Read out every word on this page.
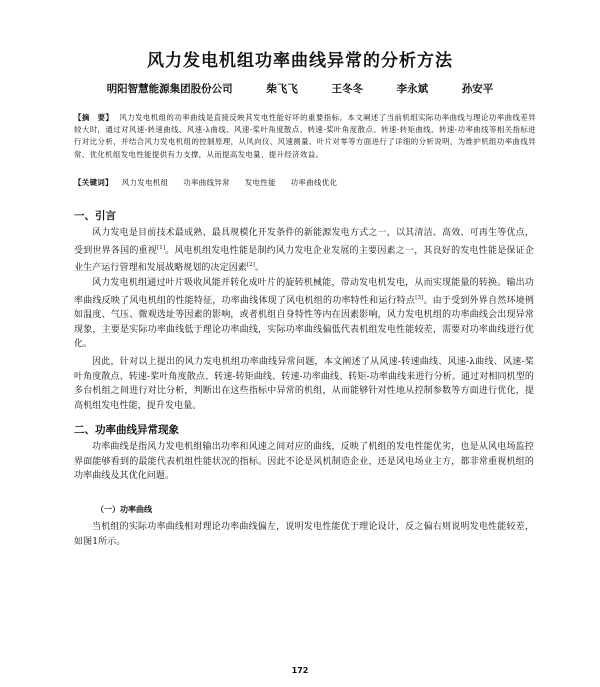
风力发电机组功率曲线异常的分析方法
明阳智慧能源集团股份公司	柴飞飞	王冬冬	李永斌	孙安平
【摘　要】 风力发电机组的功率曲线是直接反映其发电性能好坏的重要指标。本文阐述了当前机组实际功率曲线与理论功率曲线差异较大时，通过对风速-转速曲线、风速-λ曲线、风速-桨叶角度散点、转速-桨叶角度散点、转速-转矩曲线、转速-功率曲线等相关指标进行对比分析，并结合风力发电机组的控制原理，从风向仪、风速测量、叶片对零等方面进行了详细的分析说明，为维护机组功率曲线异常、优化机组发电性能提供有力支撑，从而提高发电量、提升经济效益。
【关键词】 风力发电机组 功率曲线异常 发电性能 功率曲线优化
一、引言
风力发电是目前技术最成熟、最具规模化开发条件的新能源发电方式之一，以其清洁、高效、可再生等优点，受到世界各国的重视[1]。风电机组发电性能是制约风力发电企业发展的主要因素之一，其良好的发电性能是保证企业生产运行管理和发展战略规划的决定因素[2]。
风力发电机组通过叶片吸收风能并转化成叶片的旋转机械能，带动发电机发电，从而实现能量的转换。输出功率曲线反映了风电机组的性能特征，功率曲线体现了风电机组的功率特性和运行特点[3]。由于受到外界自然环境例如温度、气压、微观选址等因素的影响，或者机组自身特性等内在因素影响，风力发电机组的功率曲线会出现异常现象，主要是实际功率曲线低于理论功率曲线，实际功率曲线偏低代表机组发电性能较差，需要对功率曲线进行优化。
因此，针对以上提出的风力发电机组功率曲线异常问题，本文阐述了从风速-转速曲线、风速-λ曲线、风速-桨叶角度散点、转速-桨叶角度散点、转速-转矩曲线、转速-功率曲线、转矩-功率曲线来进行分析。通过对相同机型的多台机组之间进行对比分析，判断出在这些指标中异常的机组，从而能够针对性地从控制参数等方面进行优化，提高机组发电性能，提升发电量。
二、功率曲线异常现象
功率曲线是指风力发电机组输出功率和风速之间对应的曲线，反映了机组的发电性能优劣，也是从风电场监控界面能够看到的最能代表机组性能状况的指标。因此不论是风机制造企业，还是风电场业主方，都非常重视机组的功率曲线及其优化问题。
（一）功率曲线
当机组的实际功率曲线相对理论功率曲线偏左，说明发电性能优于理论设计，反之偏右则说明发电性能较差，如图1所示。
172
